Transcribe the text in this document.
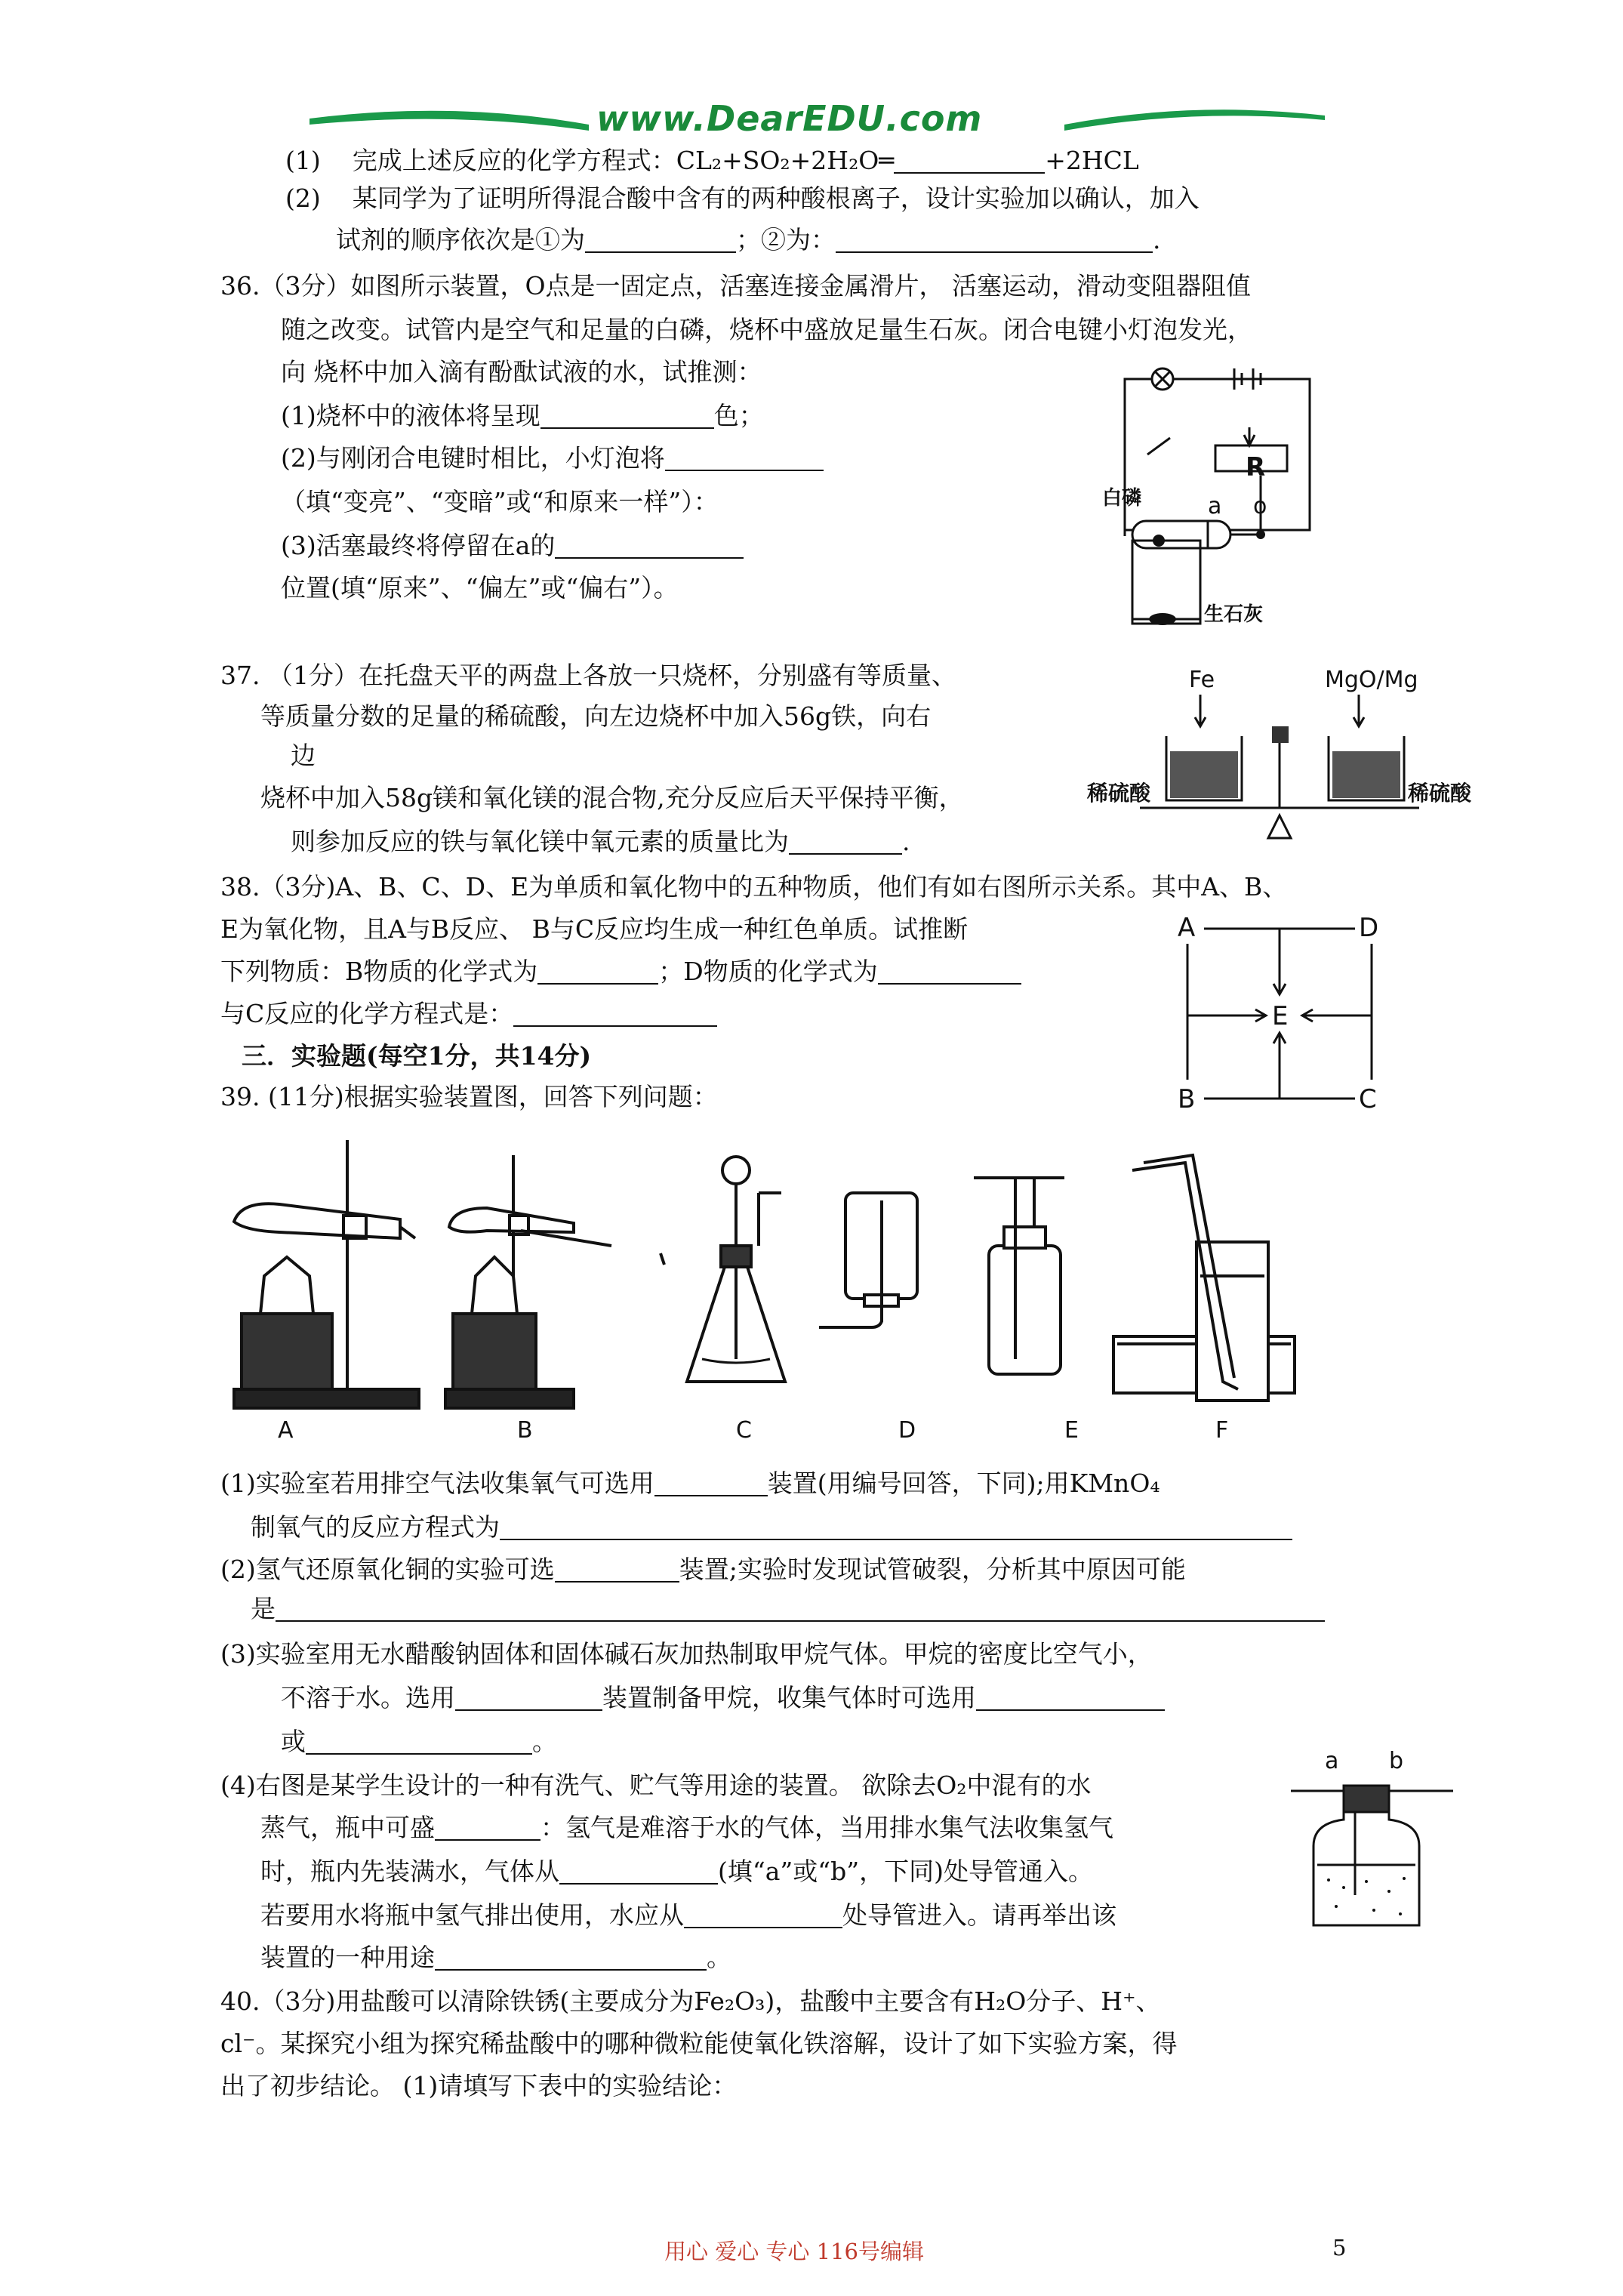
www.DearEDU.com
(1) 完成上述反应的化学方程式：CL₂+SO₂+2H₂O═	+2HCL
(2) 某同学为了证明所得混合酸中含有的两种酸根离子，设计实验加以确认，加入
试剂的顺序依次是①为	；②为：	.
36.（3分）如图所示装置，O点是一固定点，活塞连接金属滑片， 活塞运动，滑动变阻器阻值
随之改变。试管内是空气和足量的白磷，烧杯中盛放足量生石灰。闭合电键小灯泡发光，
向 烧杯中加入滴有酚酞试液的水，试推测：
(1)烧杯中的液体将呈现	色；
(2)与刚闭合电键时相比，小灯泡将
（填“变亮”、“变暗”或“和原来一样”）：
(3)活塞最终将停留在a的
位置(填“原来”、“偏左”或“偏右”）。
R
白磷	a o
生石灰
37. （1分）在托盘天平的两盘上各放一只烧杯，分别盛有等质量、
等质量分数的足量的稀硫酸，向左边烧杯中加入56g铁，向右
边
烧杯中加入58g镁和氧化镁的混合物,充分反应后天平保持平衡，
则参加反应的铁与氧化镁中氧元素的质量比为	.
Fe	MgO/Mg
稀硫酸	稀硫酸
38.（3分)A、B、C、D、E为单质和氧化物中的五种物质，他们有如右图所示关系。其中A、B、
E为氧化物，且A与B反应、 B与C反应均生成一种红色单质。试推断
下列物质：B物质的化学式为	；D物质的化学式为
与C反应的化学方程式是：
A	D
B	C
E
三．实验题(每空1分，共14分)
39. (11分)根据实验装置图，回答下列问题：
A	B	C	D	E	F
(1)实验室若用排空气法收集氧气可选用	装置(用编号回答，下同);用KMnO₄
制氧气的反应方程式为
(2)氢气还原氧化铜的实验可选	装置;实验时发现试管破裂，分析其中原因可能
是
(3)实验室用无水醋酸钠固体和固体碱石灰加热制取甲烷气体。甲烷的密度比空气小，
不溶于水。选用	装置制备甲烷，收集气体时可选用
或	。
(4)右图是某学生设计的一种有洗气、贮气等用途的装置。 欲除去O₂中混有的水
蒸气，瓶中可盛	：氢气是难溶于水的气体，当用排水集气法收集氢气
时，瓶内先装满水，气体从	(填“a”或“b”，下同)处导管通入。
若要用水将瓶中氢气排出使用，水应从	处导管进入。请再举出该
装置的一种用途	。
a b
40.（3分)用盐酸可以清除铁锈(主要成分为Fe₂O₃)，盐酸中主要含有H₂O分子、H⁺、
cl⁻。某探究小组为探究稀盐酸中的哪种微粒能使氧化铁溶解，设计了如下实验方案，得
出了初步结论。 (1)请填写下表中的实验结论：
用心 爱心 专心 116号编辑	5
